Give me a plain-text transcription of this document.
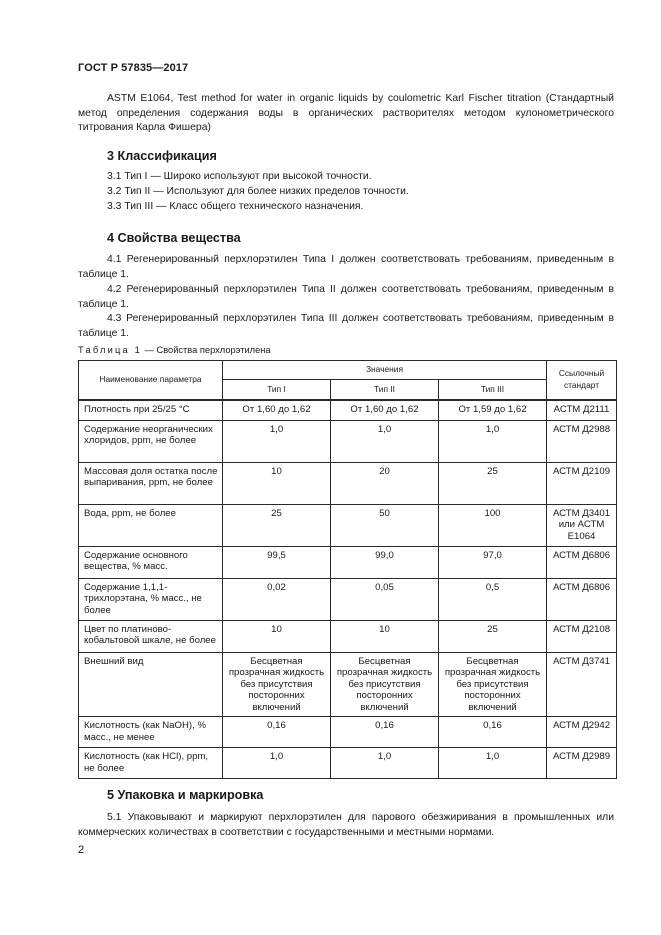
ГОСТ Р 57835—2017

ASTM E1064, Test method for water in organic liquids by coulometric Karl Fischer titration (Стандартный метод определения содержания воды в органических растворителях методом кулонометрического титрования Карла Фишера)

3 Классификация

3.1 Тип I — Широко используют при высокой точности.

3.2 Тип II — Используют для более низких пределов точности.

3.3 Тип III — Класс общего технического назначения.

4 Свойства вещества

4.1 Регенерированный перхлорэтилен Типа I должен соответствовать требованиям, приведенным в таблице 1.

4.2 Регенерированный перхлорэтилен Типа II должен соответствовать требованиям, приведенным в таблице 1.

4.3 Регенерированный перхлорэтилен Типа III должен соответствовать требованиям, приведенным в таблице 1.

Таблица 1 — Свойства перхлорэтилена
Наименование параметра	Значения			Ссылочный стандарт
	Тип I	Тип II	Тип III	
Плотность при 25/25 °С	От 1,60 до 1,62	От 1,60 до 1,62	От 1,59 до 1,62	АСТМ Д2111
Содержание неорганических хлоридов, ppm, не более	1,0	1,0	1,0	АСТМ Д2988
Массовая доля остатка после выпаривания, ppm, не более	10	20	25	АСТМ Д2109
Вода, ppm, не более	25	50	100	АСТМ Д3401 или АСТМ Е1064
Содержание основного вещества, % масс.	99,5	99,0	97,0	АСТМ Д6806
Содержание 1,1,1-трихлорэтана, % масс., не более	0,02	0,05	0,5	АСТМ Д6806
Цвет по платиново-кобальтовой шкале, не более	10	10	25	АСТМ Д2108
Внешний вид	Бесцветная прозрачная жидкость без присутствия посторонних включений	Бесцветная прозрачная жидкость без присутствия посторонних включений	Бесцветная прозрачная жидкость без присутствия посторонних включений	АСТМ Д3741
Кислотность (как NaOH), % масс., не менее	0,16	0,16	0,16	АСТМ Д2942
Кислотность (как HCl), ppm, не более	1,0	1,0	1,0	АСТМ Д2989
5 Упаковка и маркировка

5.1 Упаковывают и маркируют перхлорэтилен для парового обезжиривания в промышленных или коммерческих количествах в соответствии с государственными и местными нормами.

2
